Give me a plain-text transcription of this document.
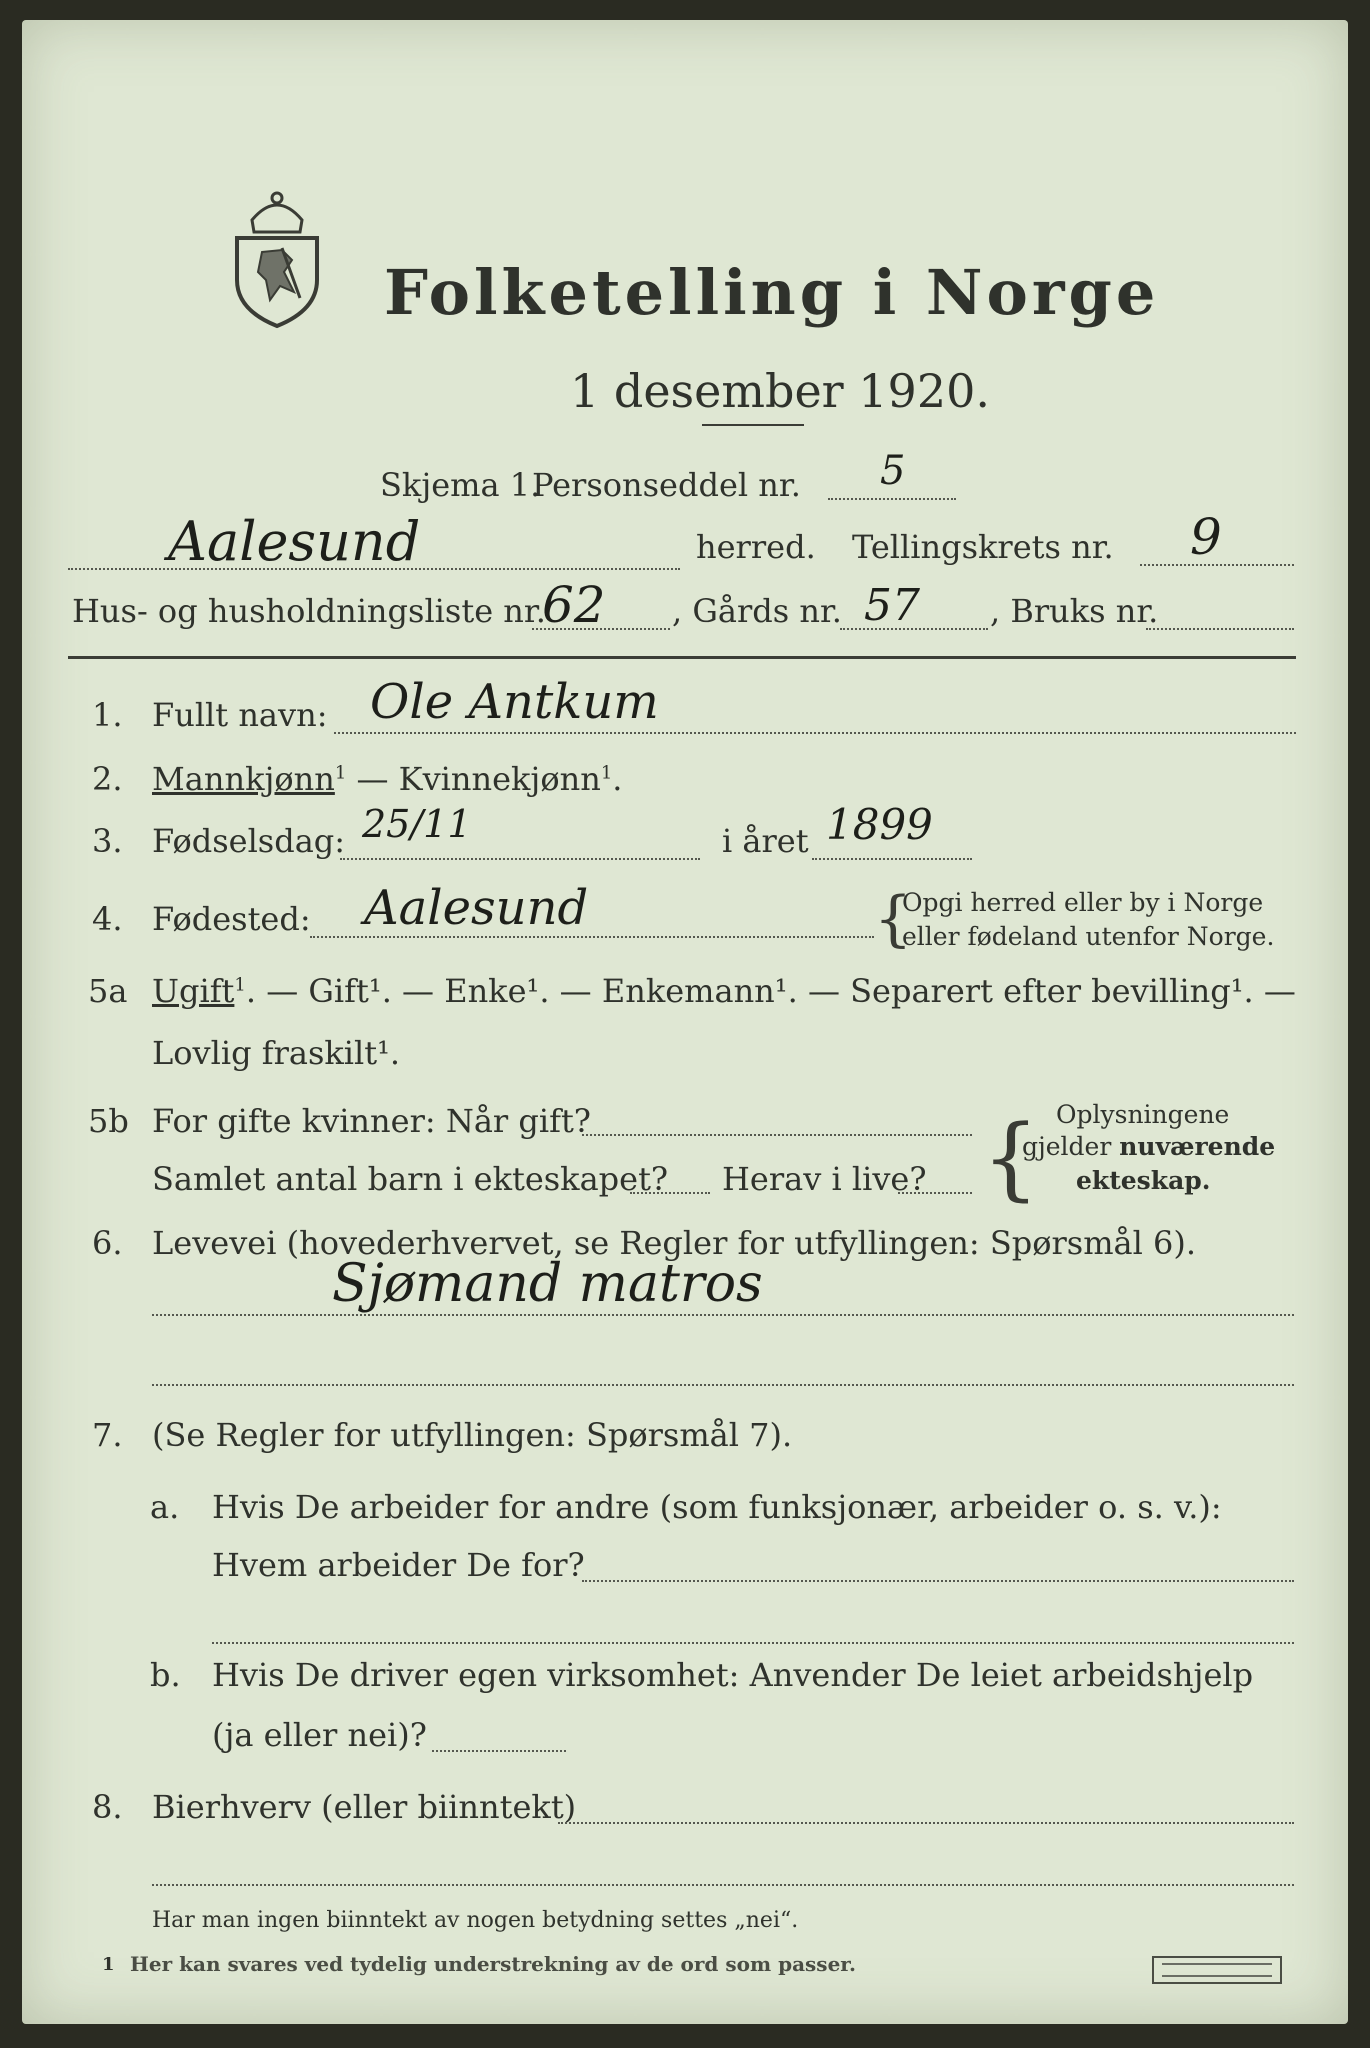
Folketelling i Norge
1 desember 1920.
Skjema 1.
Personseddel nr. 5
Aalesund	herred. Tellingskrets nr. 9
Hus- og husholdningsliste nr.
62 , Gårds nr. 57 , Bruks nr.
1. Fullt navn: Ole Antkum
2. Mannkjønn$^1$ — Kvinnekjønn$^1$.
3. Fødselsdag: 25/11	i året 1899
4. Fødested: Aalesund	{
Opgi herred eller by i Norge
eller fødeland utenfor Norge.
5a Ugift$^1$. — Gift¹. — Enke¹. — Enkemann¹. — Separert efter bevilling¹. —
Lovlig fraskilt¹.
5b For gifte kvinner: Når gift?
Samlet antal barn i ekteskapet? Herav i live? { Oplysningene
gjelder nuværende
ekteskap.
6. Levevei (hovederhvervet, se Regler for utfyllingen: Spørsmål 6).
Sjømand matros
7. (Se Regler for utfyllingen: Spørsmål 7).
a. Hvis De arbeider for andre (som funksjonær, arbeider o. s. v.):
Hvem arbeider De for?
b. Hvis De driver egen virksomhet: Anvender De leiet arbeidshjelp
(ja eller nei)?
8. Bierhverv (eller biinntekt)
Har man ingen biinntekt av nogen betydning settes „nei“.
1 Her kan svares ved tydelig understrekning av de ord som passer.
